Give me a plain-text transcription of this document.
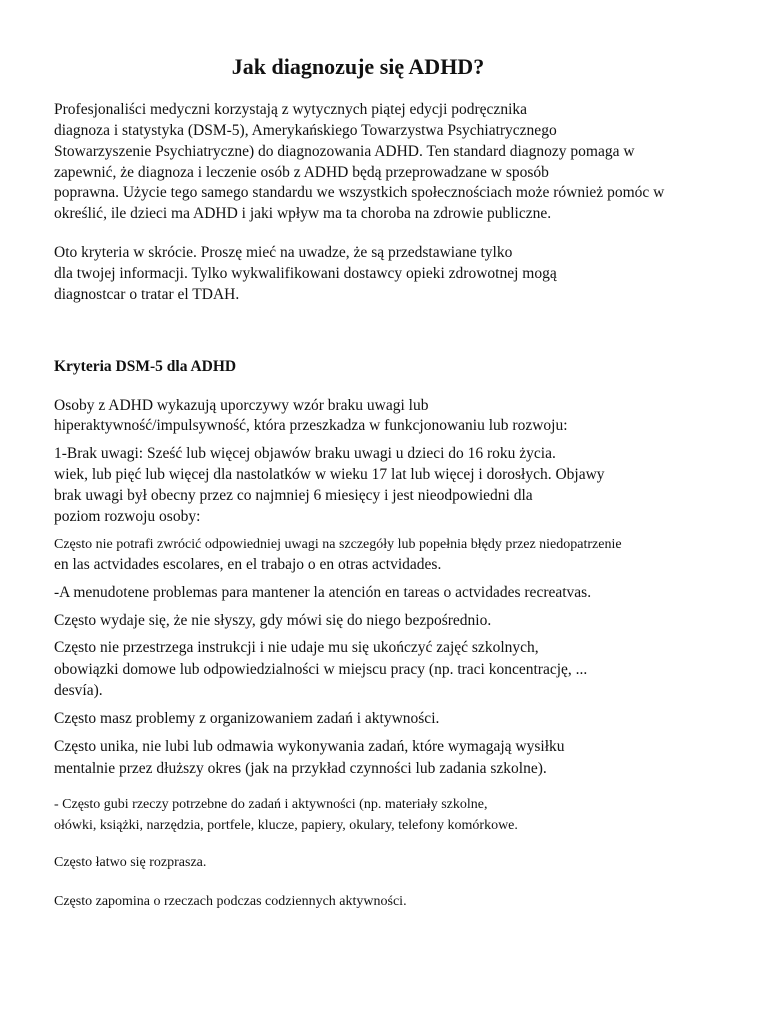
Jak diagnozuje się ADHD?

Profesjonaliści medyczni korzystają z wytycznych piątej edycji podręcznika

diagnoza i statystyka (DSM-5), Amerykańskiego Towarzystwa Psychiatrycznego

Stowarzyszenie Psychiatryczne) do diagnozowania ADHD. Ten standard diagnozy pomaga w

zapewnić, że diagnoza i leczenie osób z ADHD będą przeprowadzane w sposób

poprawna. Użycie tego samego standardu we wszystkich społecznościach może również pomóc w

określić, ile dzieci ma ADHD i jaki wpływ ma ta choroba na zdrowie publiczne.

Oto kryteria w skrócie. Proszę mieć na uwadze, że są przedstawiane tylko

dla twojej informacji. Tylko wykwalifikowani dostawcy opieki zdrowotnej mogą

diagnostcar o tratar el TDAH.

Kryteria DSM-5 dla ADHD

Osoby z ADHD wykazują uporczywy wzór braku uwagi lub

hiperaktywność/impulsywność, która przeszkadza w funkcjonowaniu lub rozwoju:

1-Brak uwagi: Sześć lub więcej objawów braku uwagi u dzieci do 16 roku życia.

wiek, lub pięć lub więcej dla nastolatków w wieku 17 lat lub więcej i dorosłych. Objawy

brak uwagi był obecny przez co najmniej 6 miesięcy i jest nieodpowiedni dla

poziom rozwoju osoby:

Często nie potrafi zwrócić odpowiedniej uwagi na szczegóły lub popełnia błędy przez niedopatrzenie

en las actvidades escolares, en el trabajo o en otras actvidades.

-A menudotene problemas para mantener la atención en tareas o actvidades recreatvas.

Często wydaje się, że nie słyszy, gdy mówi się do niego bezpośrednio.

Często nie przestrzega instrukcji i nie udaje mu się ukończyć zajęć szkolnych,

obowiązki domowe lub odpowiedzialności w miejscu pracy (np. traci koncentrację, ...

desvía).

Często masz problemy z organizowaniem zadań i aktywności.

Często unika, nie lubi lub odmawia wykonywania zadań, które wymagają wysiłku

mentalnie przez dłuższy okres (jak na przykład czynności lub zadania szkolne).

- Często gubi rzeczy potrzebne do zadań i aktywności (np. materiały szkolne,

ołówki, książki, narzędzia, portfele, klucze, papiery, okulary, telefony komórkowe.

Często łatwo się rozprasza.

Często zapomina o rzeczach podczas codziennych aktywności.
